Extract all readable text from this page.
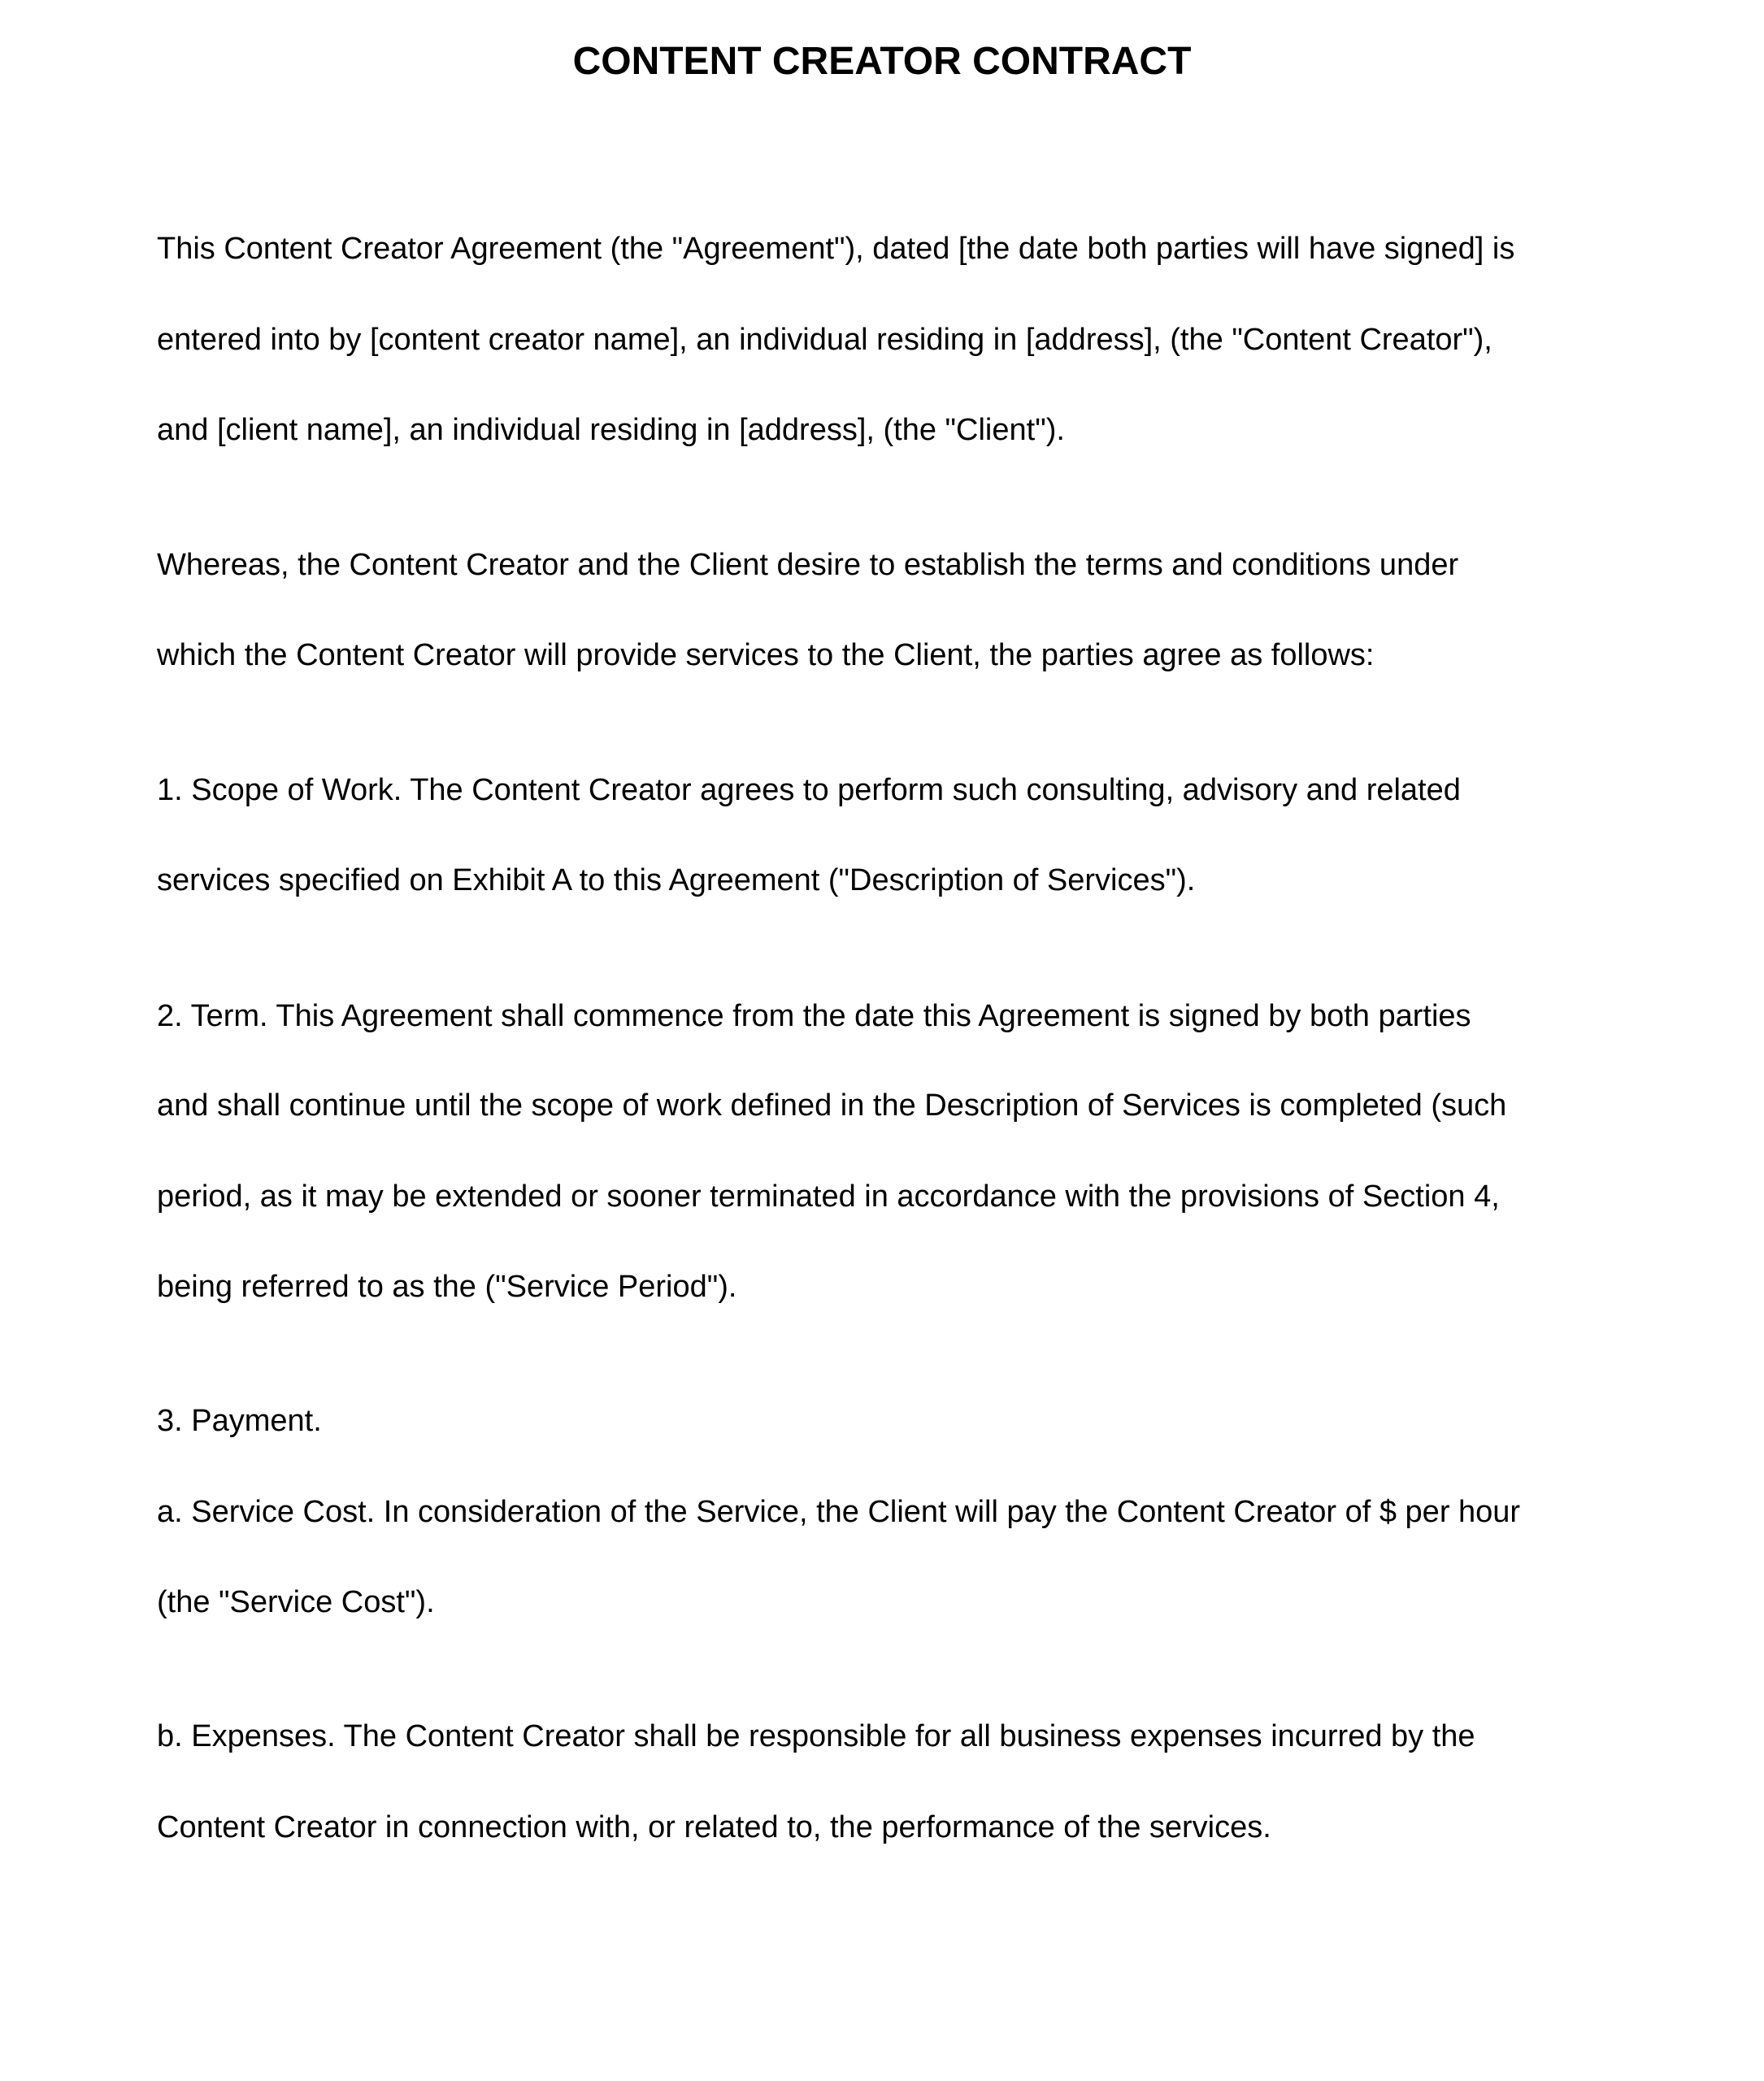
CONTENT CREATOR CONTRACT

This Content Creator Agreement (the "Agreement"), dated [the date both parties will have signed] is

entered into by [content creator name], an individual residing in [address], (the "Content Creator"),

and [client name], an individual residing in [address], (the "Client").

Whereas, the Content Creator and the Client desire to establish the terms and conditions under

which the Content Creator will provide services to the Client, the parties agree as follows:

1. Scope of Work. The Content Creator agrees to perform such consulting, advisory and related

services specified on Exhibit A to this Agreement ("Description of Services").

2. Term. This Agreement shall commence from the date this Agreement is signed by both parties

and shall continue until the scope of work defined in the Description of Services is completed (such

period, as it may be extended or sooner terminated in accordance with the provisions of Section 4,

being referred to as the ("Service Period").

3. Payment.

a. Service Cost. In consideration of the Service, the Client will pay the Content Creator of $ per hour

(the "Service Cost").

b. Expenses. The Content Creator shall be responsible for all business expenses incurred by the

Content Creator in connection with, or related to, the performance of the services.
